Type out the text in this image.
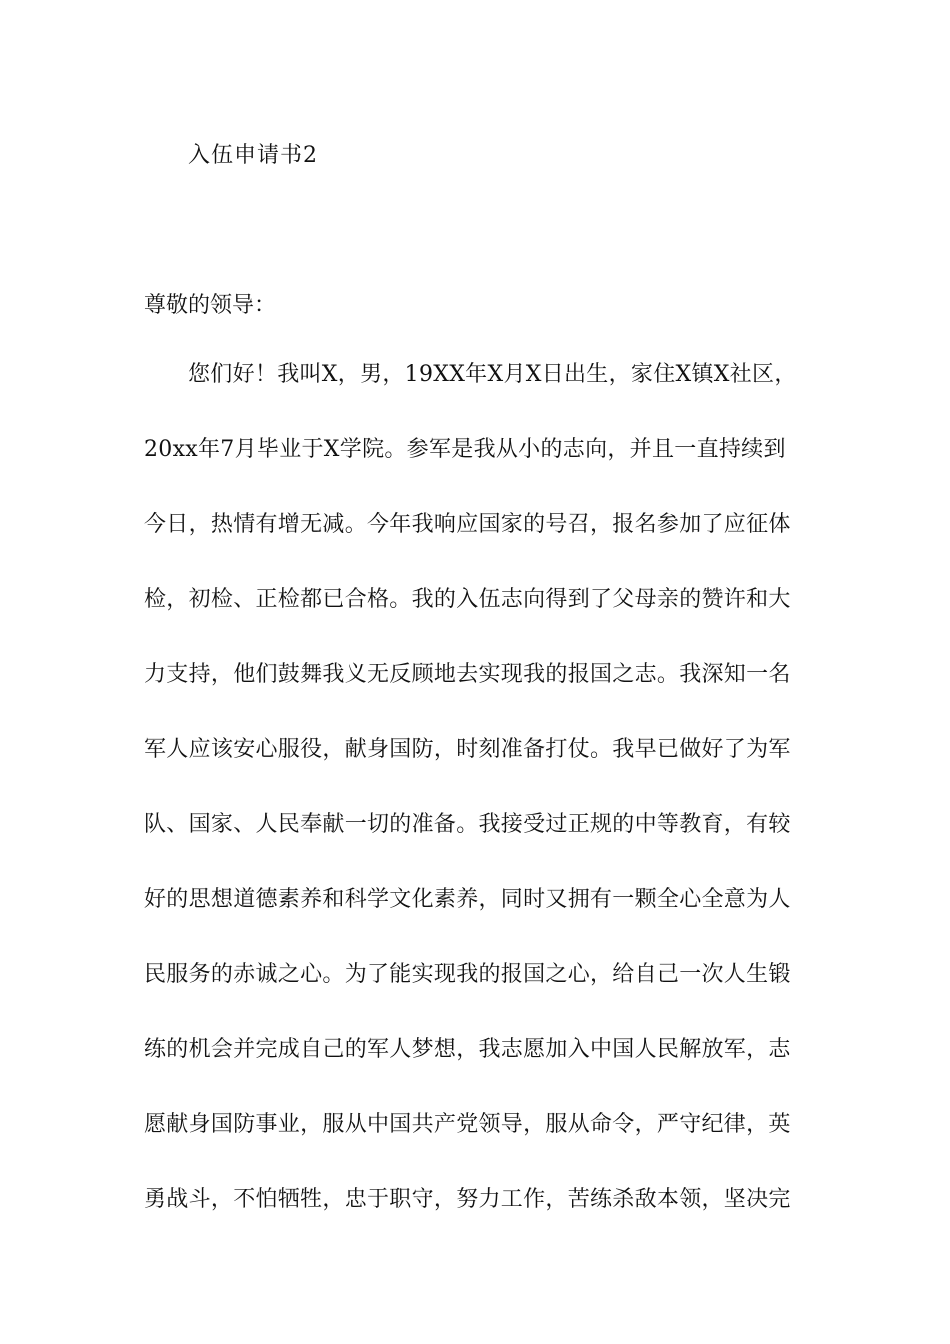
入伍申请书2
尊敬的领导：
您们好！我叫X，男，19XX年X月X日出生，家住X镇X社区，
20xx年7月毕业于X学院。参军是我从小的志向，并且一直持续到
今日，热情有增无减。今年我响应国家的号召，报名参加了应征体
检，初检、正检都已合格。我的入伍志向得到了父母亲的赞许和大
力支持，他们鼓舞我义无反顾地去实现我的报国之志。我深知一名
军人应该安心服役，献身国防，时刻准备打仗。我早已做好了为军
队、国家、人民奉献一切的准备。我接受过正规的中等教育，有较
好的思想道德素养和科学文化素养，同时又拥有一颗全心全意为人
民服务的赤诚之心。为了能实现我的报国之心，给自己一次人生锻
练的机会并完成自己的军人梦想，我志愿加入中国人民解放军，志
愿献身国防事业，服从中国共产党领导，服从命令，严守纪律，英
勇战斗，不怕牺牲，忠于职守，努力工作，苦练杀敌本领，坚决完
